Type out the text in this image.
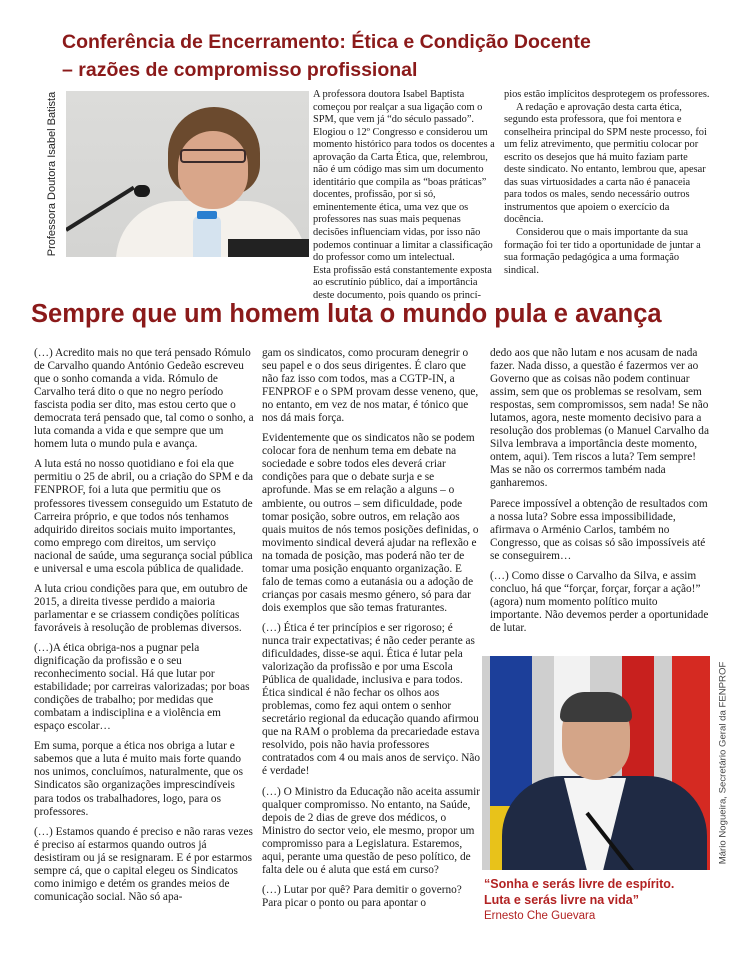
Conferência de Encerramento: Ética e Condição Docente
– razões de compromisso profissional
Professora Doutora Isabel Batista	A professora doutora Isabel Baptista começou por realçar a sua ligação com o SPM, que vem já “do século passado”. Elogiou o 12º Congresso e considerou um momento histórico para todos os docentes a aprovação da Carta Ética, que, relembrou, não é um código mas sim um documento identitário que compila as “boas práticas” docentes, profissão, por si só, eminentemente ética, uma vez que os professores nas suas mais pequenas decisões influenciam vidas, por isso não podemos continuar a limitar a classificação do professor como um intelectual.

Esta profissão está constantemente exposta ao escrutínio público, daí a importância deste documento, pois quando os princí-

pios estão implícitos desprotegem os professores.

A redação e aprovação desta carta ética, segundo esta professora, que foi mentora e conselheira principal do SPM neste processo, foi um feliz atrevimento, que permitiu colocar por escrito os desejos que há muito faziam parte deste sindicato. No entanto, lembrou que, apesar das suas virtuosidades a carta não é panaceia para todos os males, sendo necessário outros instrumentos que apoiem o exercício da docência.

Considerou que o mais importante da sua formação foi ter tido a oportunidade de juntar a sua formação pedagógica a uma formação sindical.

Sempre que um homem luta o mundo pula e avança

(…) Acredito mais no que terá pensado Rómulo de Carvalho quando António Gedeão escreveu que o sonho comanda a vida. Rómulo de Carvalho terá dito o que no negro período fascista podia ser dito, mas estou certo que o democrata terá pensado que, tal como o sonho, a luta comanda a vida e que sempre que um homem luta o mundo pula e avança.

A luta está no nosso quotidiano e foi ela que permitiu o 25 de abril, ou a criação do SPM e da FENPROF, foi a luta que permitiu que os professores tivessem conseguido um Estatuto de Carreira próprio, e que todos nós tenhamos adquirido direitos sociais muito importantes, como emprego com direitos, um serviço nacional de saúde, uma segurança social pública e universal e uma escola pública de qualidade.

A luta criou condições para que, em outubro de 2015, a direita tivesse perdido a maioria parlamentar e se criassem condições políticas favoráveis à resolução de problemas diversos.

(…)A ética obriga-nos a pugnar pela dignificação da profissão e o seu reconhecimento social. Há que lutar por estabilidade; por carreiras valorizadas; por boas condições de trabalho; por medidas que combatam a indisciplina e a violência em espaço escolar…

Em suma, porque a ética nos obriga a lutar e sabemos que a luta é muito mais forte quando nos unimos, concluímos, naturalmente, que os Sindicatos são organizações imprescindíveis para todos os trabalhadores, logo, para os professores.

(…) Estamos quando é preciso e não raras vezes é preciso aí estarmos quando outros já desistiram ou já se resignaram. E é por estarmos sempre cá, que o capital elegeu os Sindicatos como inimigo e detém os grandes meios de comunicação social. Não só apa-

gam os sindicatos, como procuram denegrir o seu papel e o dos seus dirigentes. É claro que não faz isso com todos, mas a CGTP-IN, a FENPROF e o SPM provam desse veneno, que, no entanto, em vez de nos matar, é tónico que nos dá mais força.

Evidentemente que os sindicatos não se podem colocar fora de nenhum tema em debate na sociedade e sobre todos eles deverá criar condições para que o debate surja e se aprofunde. Mas se em relação a alguns – o ambiente, ou outros – sem dificuldade, pode tomar posição, sobre outros, em relação aos quais muitos de nós temos posições definidas, o movimento sindical deverá ajudar na reflexão e na tomada de posição, mas poderá não ter de tomar uma posição enquanto organização. E falo de temas como a eutanásia ou a adoção de crianças por casais mesmo género, só para dar dois exemplos que são temas fraturantes.

(…) Ética é ter princípios e ser rigoroso; é nunca trair expectativas; é não ceder perante as dificuldades, disse-se aqui. Ética é lutar pela valorização da profissão e por uma Escola Pública de qualidade, inclusiva e para todos. Ética sindical é não fechar os olhos aos problemas, como fez aqui ontem o senhor secretário regional da educação quando afirmou que na RAM o problema da precariedade estava resolvido, pois não havia professores contratados com 4 ou mais anos de serviço. Não é verdade!

(…) O Ministro da Educação não aceita assumir qualquer compromisso. No entanto, na Saúde, depois de 2 dias de greve dos médicos, o Ministro do sector veio, ele mesmo, propor um compromisso para a Legislatura. Estaremos, aqui, perante uma questão de peso político, de falta dele ou é aluta que está em curso?

(…) Lutar por quê? Para demitir o governo? Para picar o ponto ou para apontar o

dedo aos que não lutam e nos acusam de nada fazer. Nada disso, a questão é fazermos ver ao Governo que as coisas não podem continuar assim, sem que os problemas se resolvam, sem respostas, sem compromissos, sem nada! Se não lutamos, agora, neste momento decisivo para a resolução dos problemas (o Manuel Carvalho da Silva lembrava a importância deste momento, ontem, aqui). Tem riscos a luta? Tem sempre! Mas se não os corrermos também nada ganharemos.

Parece impossível a obtenção de resultados com a nossa luta? Sobre essa impossibilidade, afirmava o Arménio Carlos, também no Congresso, que as coisas só são impossíveis até se conseguirem…

(…) Como disse o Carvalho da Silva, e assim concluo, há que “forçar, forçar, forçar a ação!” (agora) num momento político muito importante. Não devemos perder a oportunidade de lutar.

Mário Nogueira, Secretário Geral da FENPROF
“Sonha e serás livre de espírito.
Luta e serás livre na vida”
Ernesto Che Guevara
